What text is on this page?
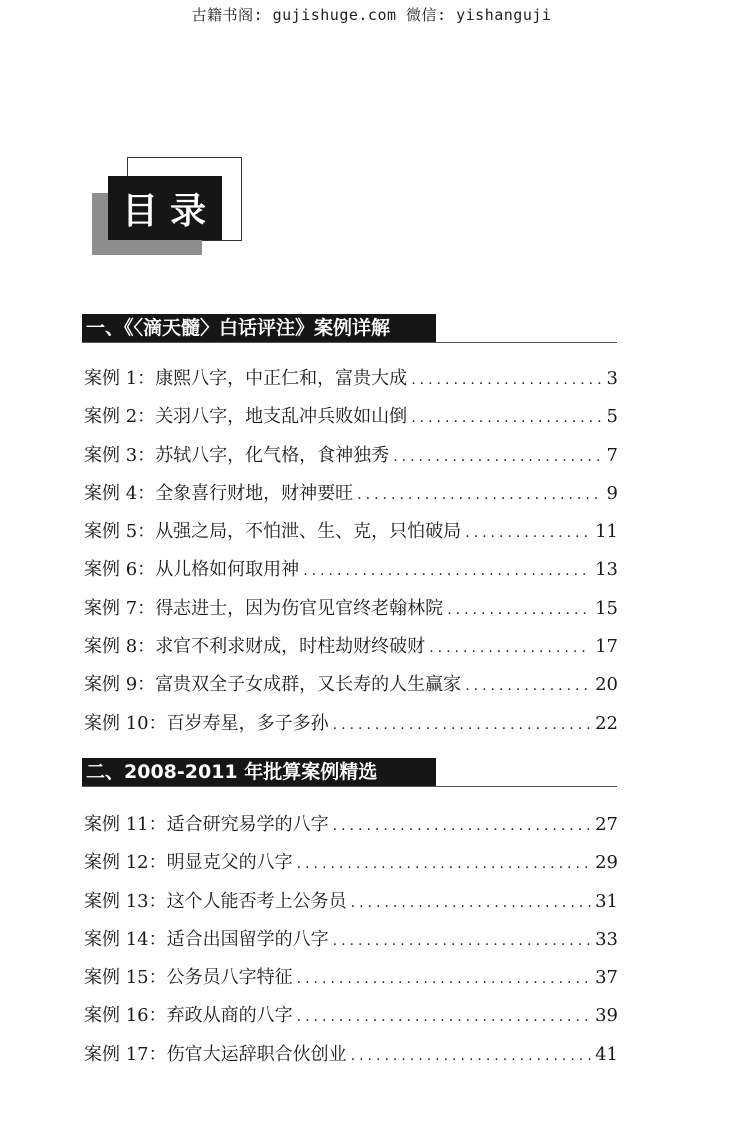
古籍书阁: gujishuge.com 微信: yishanguji
目录
一、《〈滴天髓〉白话评注》案例详解
案例 1： 康熙八字，中正仁和，富贵大成 .....	3
案例 2： 关羽八字，地支乱冲兵败如山倒 .....	5
案例 3： 苏轼八字，化气格，食神独秀 .....	7
案例 4： 全象喜行财地，财神要旺 .....	9
案例 5： 从强之局，不怕泄、生、克，只怕破局 .....	11
案例 6： 从儿格如何取用神 .....	13
案例 7： 得志进士，因为伤官见官终老翰林院 .....	15
案例 8： 求官不利求财成，时柱劫财终破财 .....	17
案例 9： 富贵双全子女成群，又长寿的人生赢家 .....	20
案例 10： 百岁寿星，多子多孙 .....	22
二、2008-2011 年批算案例精选
案例 11： 适合研究易学的八字 .....	27
案例 12： 明显克父的八字 .....	29
案例 13： 这个人能否考上公务员 .....	31
案例 14： 适合出国留学的八字 .....	33
案例 15： 公务员八字特征 .....	37
案例 16： 弃政从商的八字 .....	39
案例 17： 伤官大运辞职合伙创业 .....	41
